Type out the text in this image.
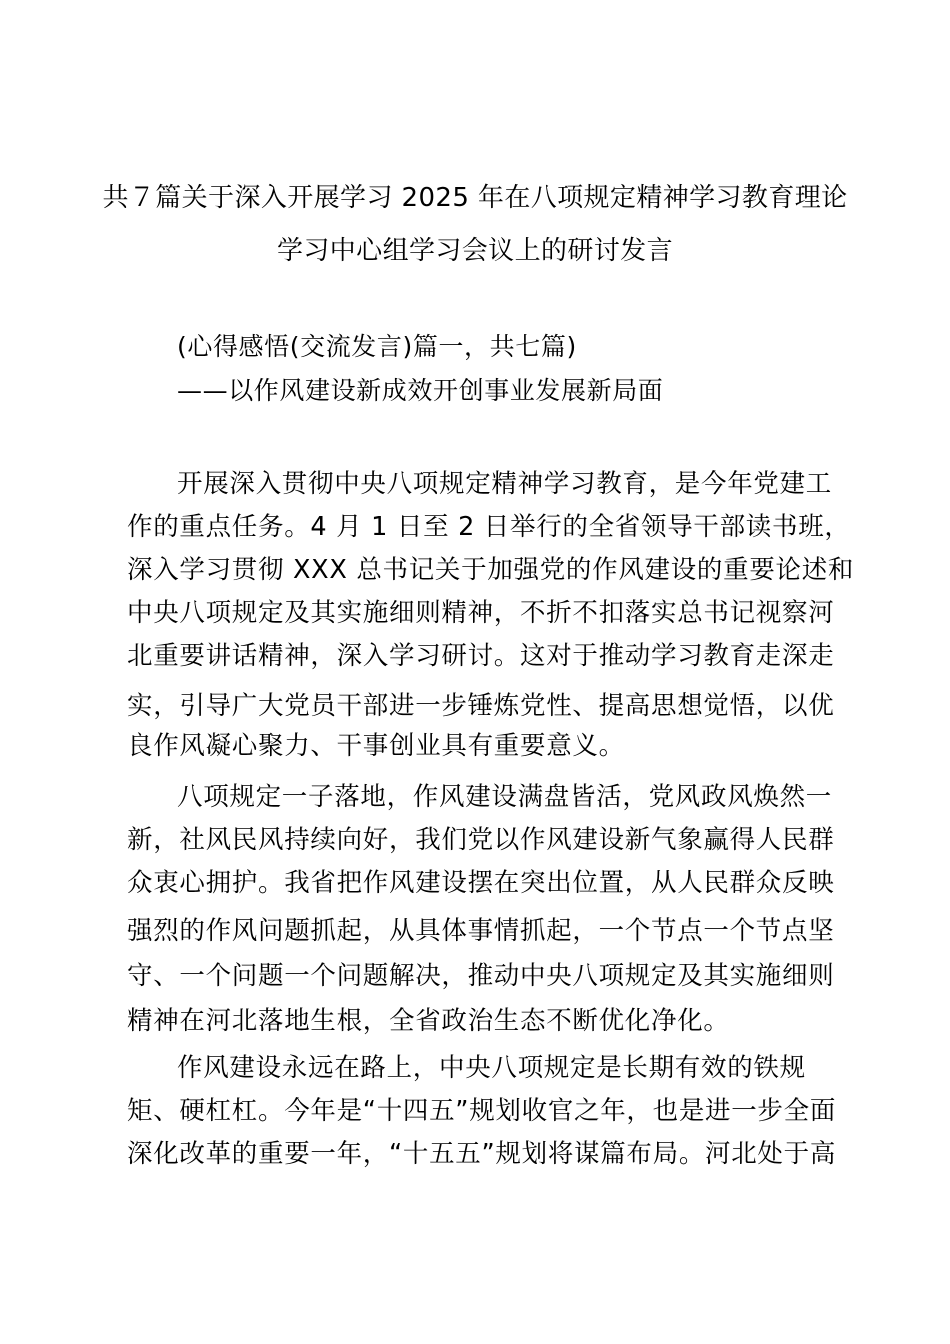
共７篇关于深入开展学习 2025 年在八项规定精神学习教育理论
学习中心组学习会议上的研讨发言
(心得感悟(交流发言)篇一，共七篇)
——以作风建设新成效开创事业发展新局面
开展深入贯彻中央八项规定精神学习教育，是今年党建工
作的重点任务。4 月 1 日至 2 日举行的全省领导干部读书班，
深入学习贯彻 XXX 总书记关于加强党的作风建设的重要论述和
中央八项规定及其实施细则精神，不折不扣落实总书记视察河
北重要讲话精神，深入学习研讨。这对于推动学习教育走深走
实，引导广大党员干部进一步锤炼党性、提高思想觉悟，以优
良作风凝心聚力、干事创业具有重要意义。
八项规定一子落地，作风建设满盘皆活，党风政风焕然一
新，社风民风持续向好，我们党以作风建设新气象赢得人民群
众衷心拥护。我省把作风建设摆在突出位置，从人民群众反映
强烈的作风问题抓起，从具体事情抓起，一个节点一个节点坚
守、一个问题一个问题解决，推动中央八项规定及其实施细则
精神在河北落地生根，全省政治生态不断优化净化。
作风建设永远在路上，中央八项规定是长期有效的铁规
矩、硬杠杠。今年是“十四五”规划收官之年，也是进一步全面
深化改革的重要一年，“十五五”规划将谋篇布局。河北处于高
